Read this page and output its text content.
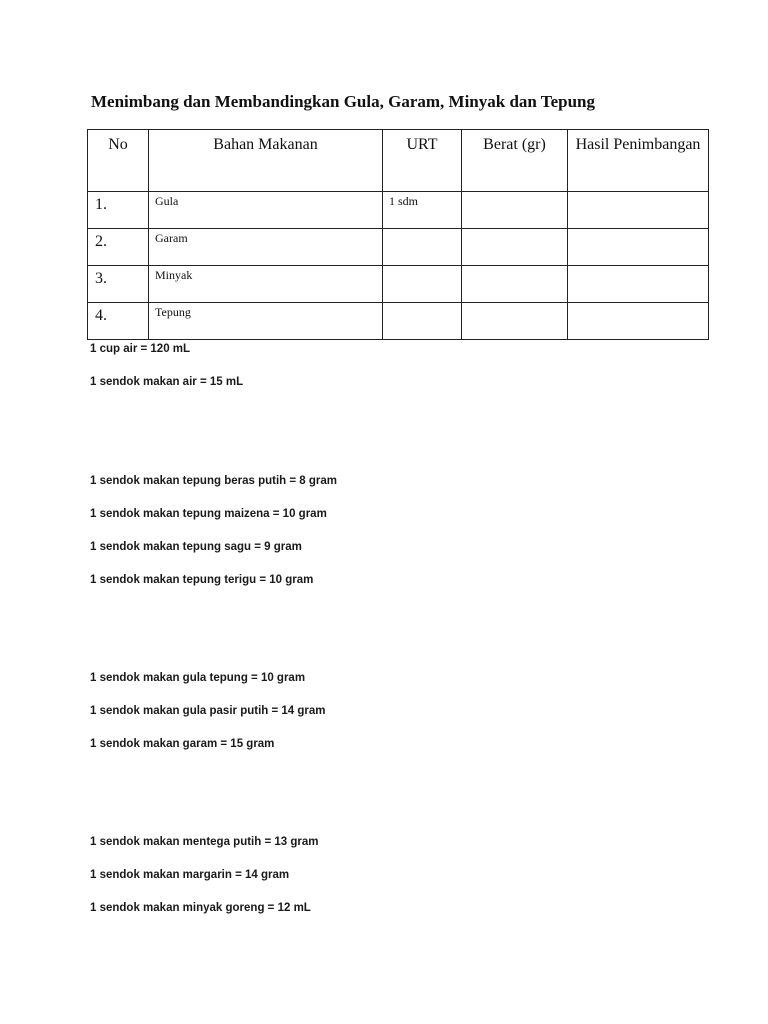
Menimbang dan Membandingkan Gula, Garam, Minyak dan Tepung
No	Bahan Makanan	URT	Berat (gr)	Hasil Penimbangan
1.	Gula	1 sdm		
2.	Garam			
3.	Minyak			
4.	Tepung			
1 cup air = 120 mL
1 sendok makan air = 15 mL
1 sendok makan tepung beras putih = 8 gram
1 sendok makan tepung maizena = 10 gram
1 sendok makan tepung sagu = 9 gram
1 sendok makan tepung terigu = 10 gram
1 sendok makan gula tepung = 10 gram
1 sendok makan gula pasir putih = 14 gram
1 sendok makan garam = 15 gram
1 sendok makan mentega putih = 13 gram
1 sendok makan margarin = 14 gram
1 sendok makan minyak goreng = 12 mL
